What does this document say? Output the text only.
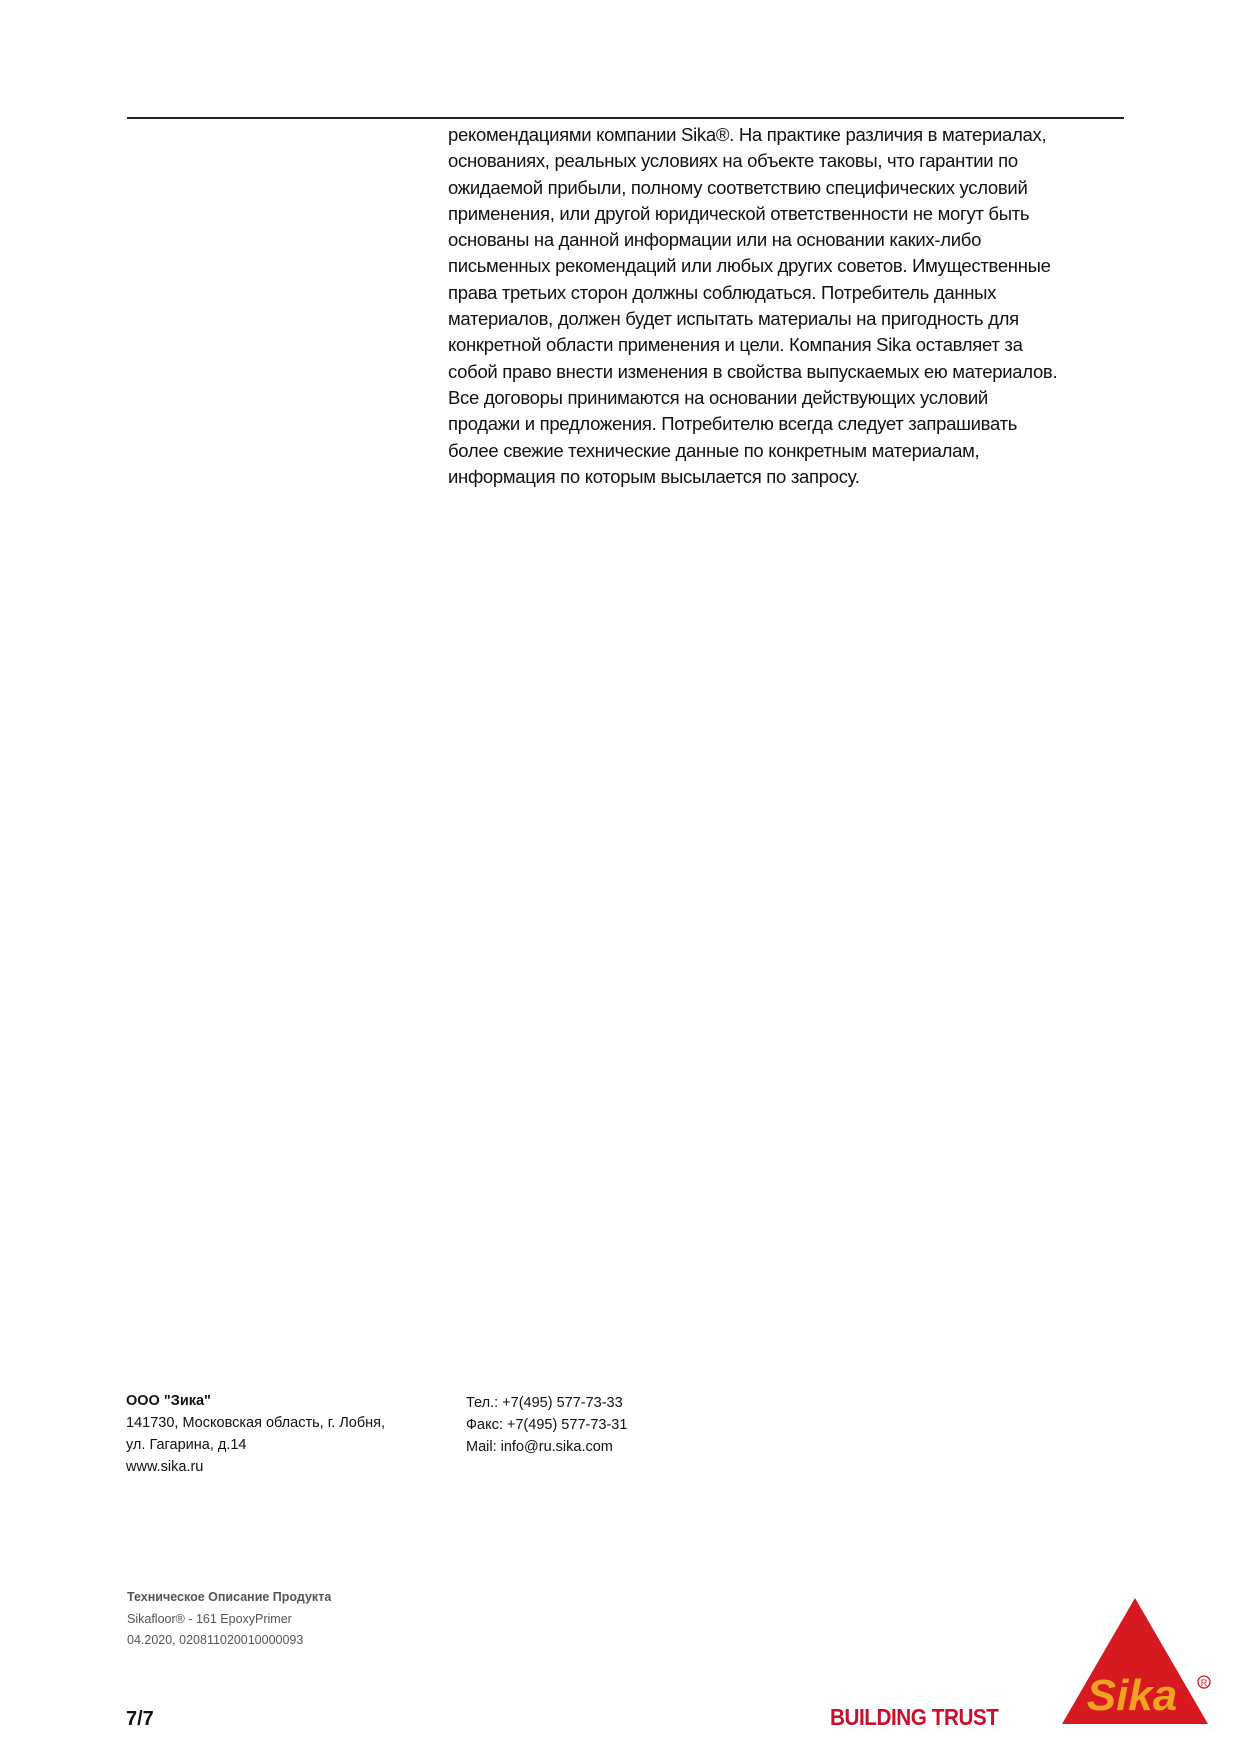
рекомендациями компании Sika®. На практике различия в материалах,
основаниях, реальных условиях на объекте таковы, что гарантии по
ожидаемой прибыли, полному соответствию специфических условий
применения, или другой юридической ответственности не могут быть
основаны на данной информации или на основании каких-либо
письменных рекомендаций или любых других советов. Имущественные
права третьих сторон должны соблюдаться. Потребитель данных
материалов, должен будет испытать материалы на пригодность для
конкретной области применения и цели. Компания Sika оставляет за
собой право внести изменения в свойства выпускаемых ею материалов.
Все договоры принимаются на основании действующих условий
продажи и предложения. Потребителю всегда следует запрашивать
более свежие технические данные по конкретным материалам,
информация по которым высылается по запросу.
ООО "Зика"
141730, Московская область, г. Лобня,
ул. Гагарина, д.14
www.sika.ru
Тел.: +7(495) 577-73-33
Факс: +7(495) 577-73-31
Mail: info@ru.sika.com
Техническое Описание Продукта
Sikafloor® - 161 EpoxyPrimer
04.2020, 020811020010000093
7/7	BUILDING TRUST Sika	R
